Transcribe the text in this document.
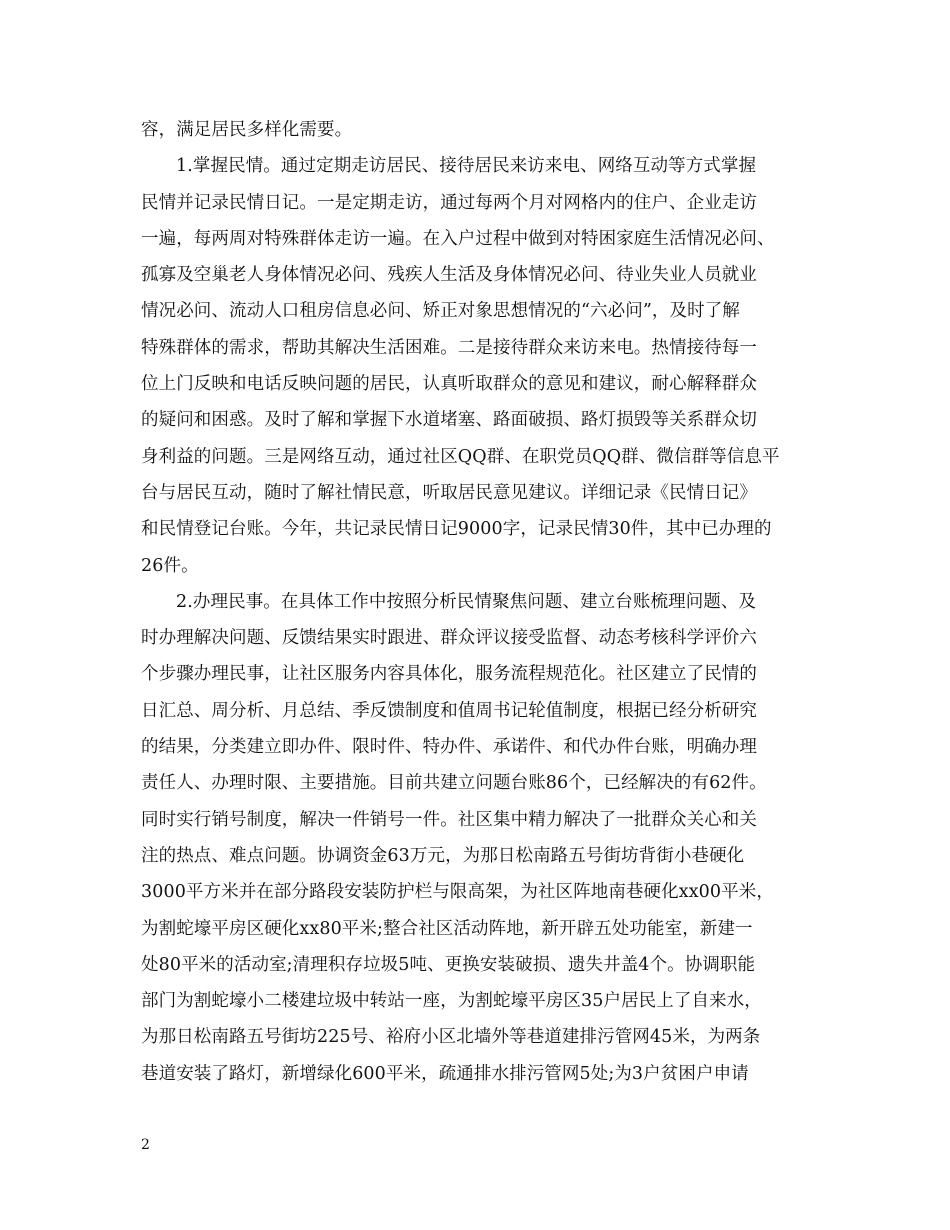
容，满足居民多样化需要。
1.掌握民情。通过定期走访居民、接待居民来访来电、网络互动等方式掌握
民情并记录民情日记。一是定期走访，通过每两个月对网格内的住户、企业走访
一遍，每两周对特殊群体走访一遍。在入户过程中做到对特困家庭生活情况必问、
孤寡及空巢老人身体情况必问、残疾人生活及身体情况必问、待业失业人员就业
情况必问、流动人口租房信息必问、矫正对象思想情况的“六必问”，及时了解
特殊群体的需求，帮助其解决生活困难。二是接待群众来访来电。热情接待每一
位上门反映和电话反映问题的居民，认真听取群众的意见和建议，耐心解释群众
的疑问和困惑。及时了解和掌握下水道堵塞、路面破损、路灯损毁等关系群众切
身利益的问题。三是网络互动，通过社区QQ群、在职党员QQ群、微信群等信息平
台与居民互动，随时了解社情民意，听取居民意见建议。详细记录《民情日记》
和民情登记台账。今年，共记录民情日记9000字，记录民情30件，其中已办理的
26件。
2.办理民事。在具体工作中按照分析民情聚焦问题、建立台账梳理问题、及
时办理解决问题、反馈结果实时跟进、群众评议接受监督、动态考核科学评价六
个步骤办理民事，让社区服务内容具体化，服务流程规范化。社区建立了民情的
日汇总、周分析、月总结、季反馈制度和值周书记轮值制度，根据已经分析研究
的结果，分类建立即办件、限时件、特办件、承诺件、和代办件台账，明确办理
责任人、办理时限、主要措施。目前共建立问题台账86个，已经解决的有62件。
同时实行销号制度，解决一件销号一件。社区集中精力解决了一批群众关心和关
注的热点、难点问题。协调资金63万元，为那日松南路五号街坊背街小巷硬化
3000平方米并在部分路段安装防护栏与限高架，为社区阵地南巷硬化xx00平米，
为割蛇壕平房区硬化xx80平米;整合社区活动阵地，新开辟五处功能室，新建一
处80平米的活动室;清理积存垃圾5吨、更换安装破损、遗失井盖4个。协调职能
部门为割蛇壕小二楼建垃圾中转站一座，为割蛇壕平房区35户居民上了自来水，
为那日松南路五号街坊225号、裕府小区北墙外等巷道建排污管网45米，为两条
巷道安装了路灯，新增绿化600平米，疏通排水排污管网5处;为3户贫困户申请
2
